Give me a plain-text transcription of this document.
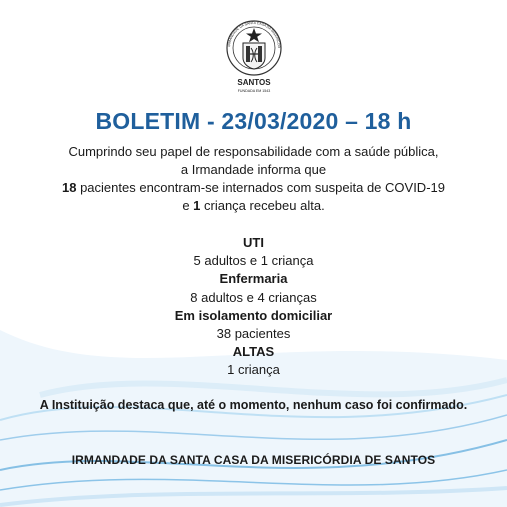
IRMANDADE DA SANTA CASA DA MISERICÓR
SANTOS
FUNDADA EM 1543
BOLETIM - 23/03/2020 – 18 h
Cumprindo seu papel de responsabilidade com a saúde pública,
a Irmandade informa que
18 pacientes encontram-se internados com suspeita de COVID-19
e 1 criança recebeu alta.
UTI
5 adultos e 1 criança
Enfermaria
8 adultos e 4 crianças
Em isolamento domiciliar
38 pacientes
ALTAS
1 criança
A Instituição destaca que, até o momento, nenhum caso foi confirmado.
IRMANDADE DA SANTA CASA DA MISERICÓRDIA DE SANTOS
